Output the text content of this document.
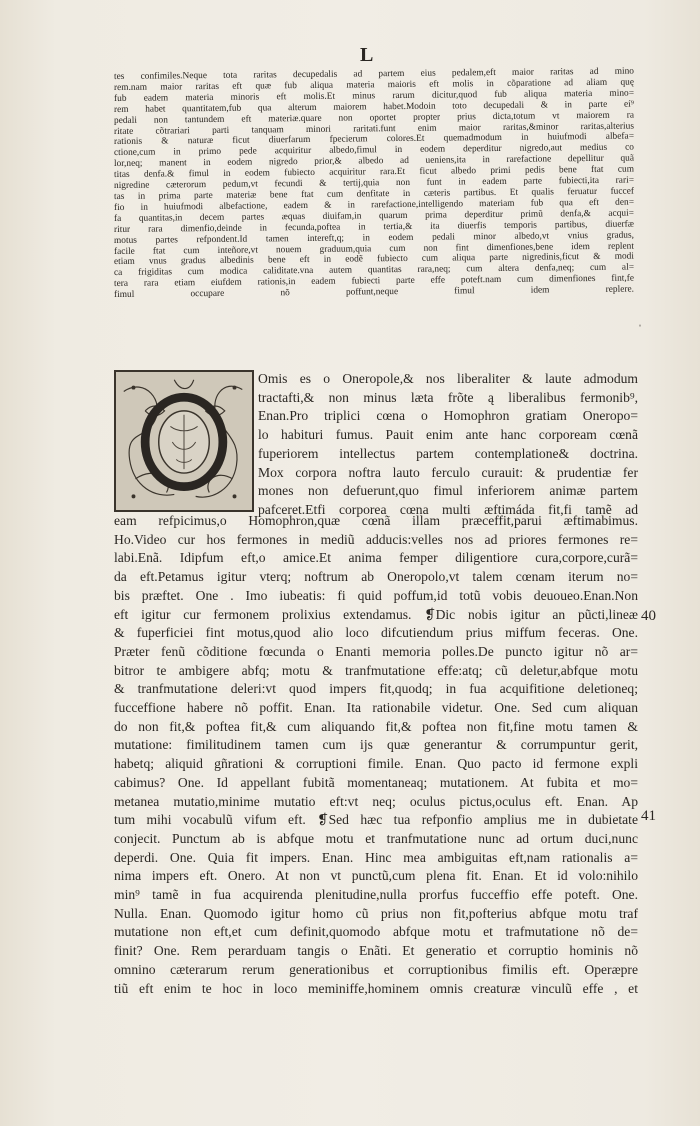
L
tes confimiles.Neque tota raritas decupedalis ad partem eius pedalem,eft maior raritas ad mino
rem.nam maior raritas eft quæ fub aliqua materia maioris eft molis in cõparatione ad aliam quę
fub eadem materia minoris eft molis.Et minus rarum dicitur,quod fub aliqua materia mino=
rem habet quantitatem,fub qua alterum maiorem habet.Modoin toto decupedali & in parte eí⁹
pedali non tantundem eft materiæ.quare non oportet propter prius dicta,totum vt maiorem ra
ritate cõtrariari parti tanquam minori raritati.funt enim maior raritas,&minor raritas,alterius
rationis & naturæ ficut diuerfarum fpecierum colores.Et quemadmodum in huiufmodi albefa=
ctione,cum in primo pede acquiritur albedo,fimul in eodem deperditur nigredo,aut medius co
lor,neq; manent in eodem nigredo prior,& albedo ad ueniens,ita in rarefactione depellitur quã
titas denfa.& fimul in eodem fubiecto acquiritur rara.Et ficut albedo primi pedis bene ftat cum
nigredine cæterorum pedum,vt fecundi & tertij,quia non funt in eadem parte fubiecti,ita rari=
tas in prima parte materiæ bene ftat cum denfitate in cæteris partibus. Et qualis feruatur fuccef
fio in huiufmodi albefactione, eadem & in rarefactione,intelligendo materiam fub qua eft den=
fa quantitas,in decem partes æquas diuifam,in quarum prima deperditur primũ denfa,& acqui=
ritur rara dimenfio,deinde in fecunda,poftea in tertia,& ita diuerfis temporis partibus, diuerfæ
motus partes refpondent.Id tamen intereft,q; in eodem pedali minor albedo,vt vnius gradus,
facile ftat cum inteñore,vt nouem graduum,quia cum non fint dimenfiones,bene idem replent
etiam vnus gradus albedinis bene eft in eodẽ fubiecto cum aliqua parte nigredinis,ficut & modi
ca frigiditas cum modica caliditate.vna autem quantitas rara,neq; cum altera denfa,neq; cum al=
tera rara etiam eiufdem rationis,in eadem fubiecti parte effe poteft.nam cum dimenfiones fint,fe
fimul occupare nõ poffunt,neque fimul idem replere.
Omis es o Oneropole,& nos liberaliter & laute admodum
tractafti,& non minus læta frõte ą liberalibus fermonib⁹,
Enan.Pro triplici cœna o Homophron gratiam Oneropo=
lo habituri fumus. Pauit enim ante hanc corpoream cœnã
fuperiorem intellectus partem contemplatione& doctrina.
Mox corpora noftra lauto ferculo curauit: & prudentiæ fer
mones non defuerunt,quo fimul inferiorem animæ partem
pafceret.Etfi corporea cœna multi æftimáda fit,fi tamẽ ad
eam refpicimus,o Homophron,quæ cœnã illam præceffit,parui æftimabimus.
Ho.Video cur hos fermones in mediũ adducis:velles nos ad priores fermones re=
labi.Enã. Idipfum eft,o amice.Et anima femper diligentiore cura,corpore,curã=
da eft.Petamus igitur vterq; noftrum ab Oneropolo,vt talem cœnam iterum no=
bis præftet. One . Imo iubeatis: fi quid poffum,id totũ vobis deuoueo.Enan.Non
eft igitur cur fermonem prolixius extendamus. ❡Dic nobis igitur an pũcti,lineæ
& fuperficiei fint motus,quod alio loco difcutiendum prius miffum feceras. One.
Præter fenũ cõditione fœcunda o Enanti memoria polles.De puncto igitur nõ ar=
bitror te ambigere abfq; motu & tranfmutatione effe:atq; cũ deletur,abfque motu
& tranfmutatione deleri:vt quod impers fit,quodq; in fua acquifitione deletioneq;
fucceffione habere nõ poffit. Enan. Ita rationabile videtur. One. Sed cum aliquan
do non fit,& poftea fit,& cum aliquando fit,& poftea non fit,fine motu tamen &
mutatione: fimilitudinem tamen cum ijs quæ generantur & corrumpuntur gerit,
habetq; aliquid gñrationi & corruptioni fimile. Enan. Quo pacto id fermone expli
cabimus? One. Id appellant fubitã momentaneaq; mutationem. At fubita et mo=
metanea mutatio,minime mutatio eft:vt neq; oculus pictus,oculus eft. Enan. Ap
tum mihi vocabulũ vifum eft. ❡Sed hæc tua refponfio amplius me in dubietate
conjecit. Punctum ab is abfque motu et tranfmutatione nunc ad ortum duci,nunc
deperdi. One. Quia fit impers. Enan. Hinc mea ambiguitas eft,nam rationalis a=
nima impers eft. Onero. At non vt punctũ,cum plena fit. Enan. Et id volo:nihilo
min⁹ tamẽ in fua acquirenda plenitudine,nulla prorfus fucceffio effe poteft. One.
Nulla. Enan. Quomodo igitur homo cũ prius non fit,pofterius abfque motu traf
mutatione non eft,et cum definit,quomodo abfque motu et trafmutatione nõ de=
finit? One. Rem perarduam tangis o Enãti. Et generatio et corruptio hominis nõ
omnino cæterarum rerum generationibus et corruptionibus fimilis eft. Operæpre
tiũ eft enim te hoc in loco meminiffe,hominem omnis creaturæ vinculũ effe , et
40
41
ˈ
